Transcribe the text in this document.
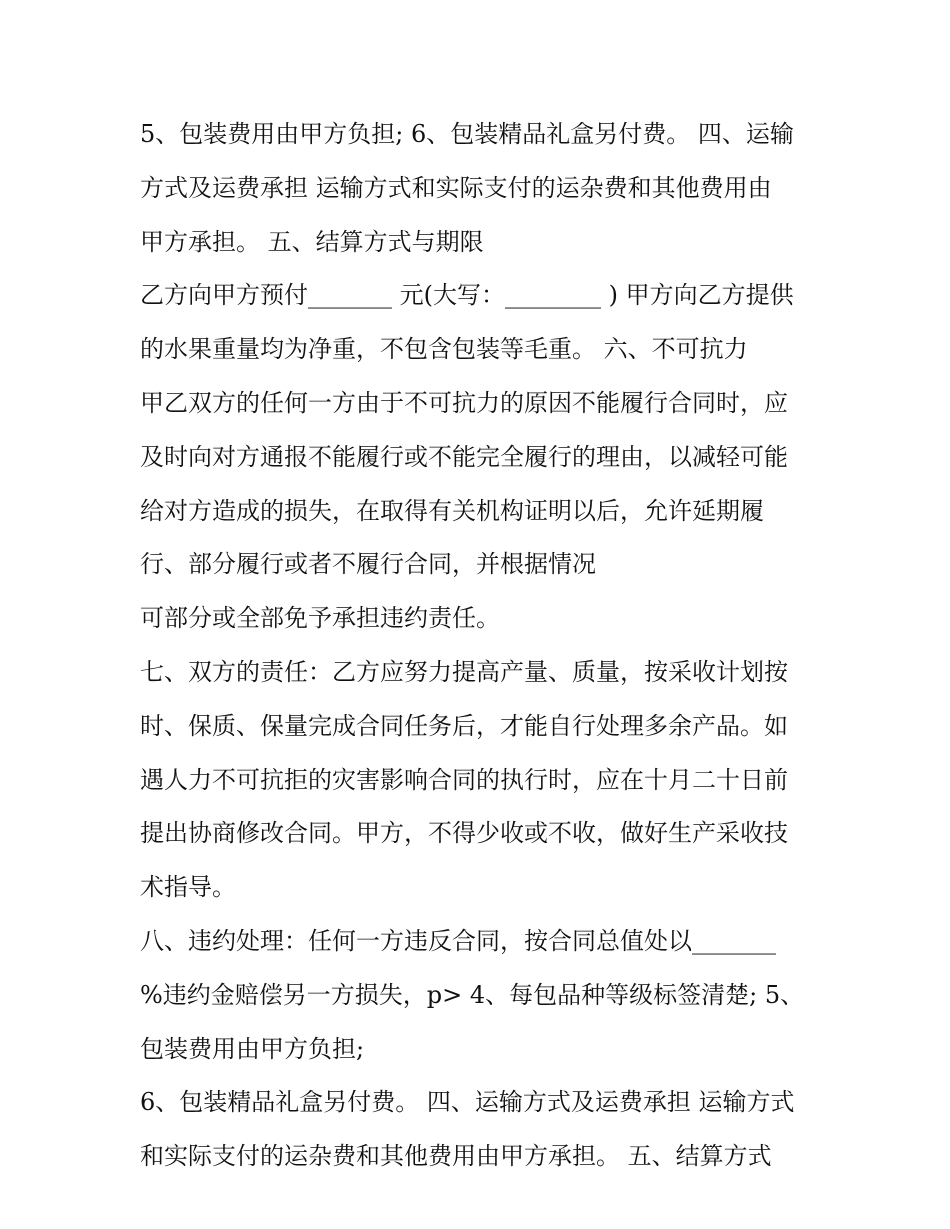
5、包装费用由甲方负担; 6、包装精品礼盒另付费。 四、运输
方式及运费承担 运输方式和实际支付的运杂费和其他费用由
甲方承担。 五、结算方式与期限
乙方向甲方预付_______ 元(大写：________ ) 甲方向乙方提供
的水果重量均为净重，不包含包装等毛重。 六、不可抗力
甲乙双方的任何一方由于不可抗力的原因不能履行合同时，应
及时向对方通报不能履行或不能完全履行的理由，以减轻可能
给对方造成的损失，在取得有关机构证明以后，允许延期履
行、部分履行或者不履行合同，并根据情况
可部分或全部免予承担违约责任。
七、双方的责任：乙方应努力提高产量、质量，按采收计划按
时、保质、保量完成合同任务后，才能自行处理多余产品。如
遇人力不可抗拒的灾害影响合同的执行时，应在十月二十日前
提出协商修改合同。甲方，不得少收或不收，做好生产采收技
术指导。
八、违约处理：任何一方违反合同，按合同总值处以_______
%违约金赔偿另一方损失，p> 4、每包品种等级标签清楚; 5、
包装费用由甲方负担;
6、包装精品礼盒另付费。 四、运输方式及运费承担 运输方式
和实际支付的运杂费和其他费用由甲方承担。 五、结算方式
